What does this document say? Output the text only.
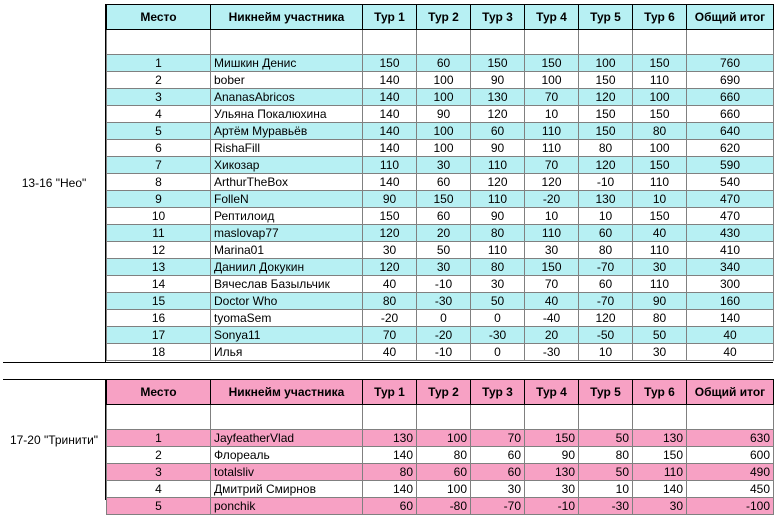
13-16 "Нео"
Место	Никнейм участника	Тур 1	Тур 2	Тур 3	Тур 4	Тур 5	Тур 6	Общий итог

1	Мишкин Денис	150	60	150	150	100	150	760
2	bober	140	100	90	100	150	110	690
3	AnanasAbricos	140	100	130	70	120	100	660
4	Ульяна Покалюхина	140	90	120	10	150	150	660
5	Артём Муравьёв	140	100	60	110	150	80	640
6	RishaFill	140	100	90	110	80	100	620
7	Хикозар	110	30	110	70	120	150	590
8	ArthurTheBox	140	60	120	120	-10	110	540
9	FolleN	90	150	110	-20	130	10	470
10	Рептилоид	150	60	90	10	10	150	470
11	maslovap77	120	20	80	110	60	40	430
12	Marina01	30	50	110	30	80	110	410
13	Даниил Докукин	120	30	80	150	-70	30	340
14	Вячеслав Базыльчик	40	-10	30	70	60	110	300
15	Doctor Who	80	-30	50	40	-70	90	160
16	tyomaSem	-20	0	0	-40	120	80	140
17	Sonya11	70	-20	-30	20	-50	50	40
18	Илья	40	-10	0	-30	10	30	40
17-20 "Тринити"
Место	Никнейм участника	Тур 1	Тур 2	Тур 3	Тур 4	Тур 5	Тур 6	Общий итог

1	JayfeatherVlad	130	100	70	150	50	130	630
2	Флореаль	140	80	60	90	80	150	600
3	totalsliv	80	60	60	130	50	110	490
4	Дмитрий Смирнов	140	100	30	30	10	140	450
5	ponchik	60	-80	-70	-10	-30	30	-100
